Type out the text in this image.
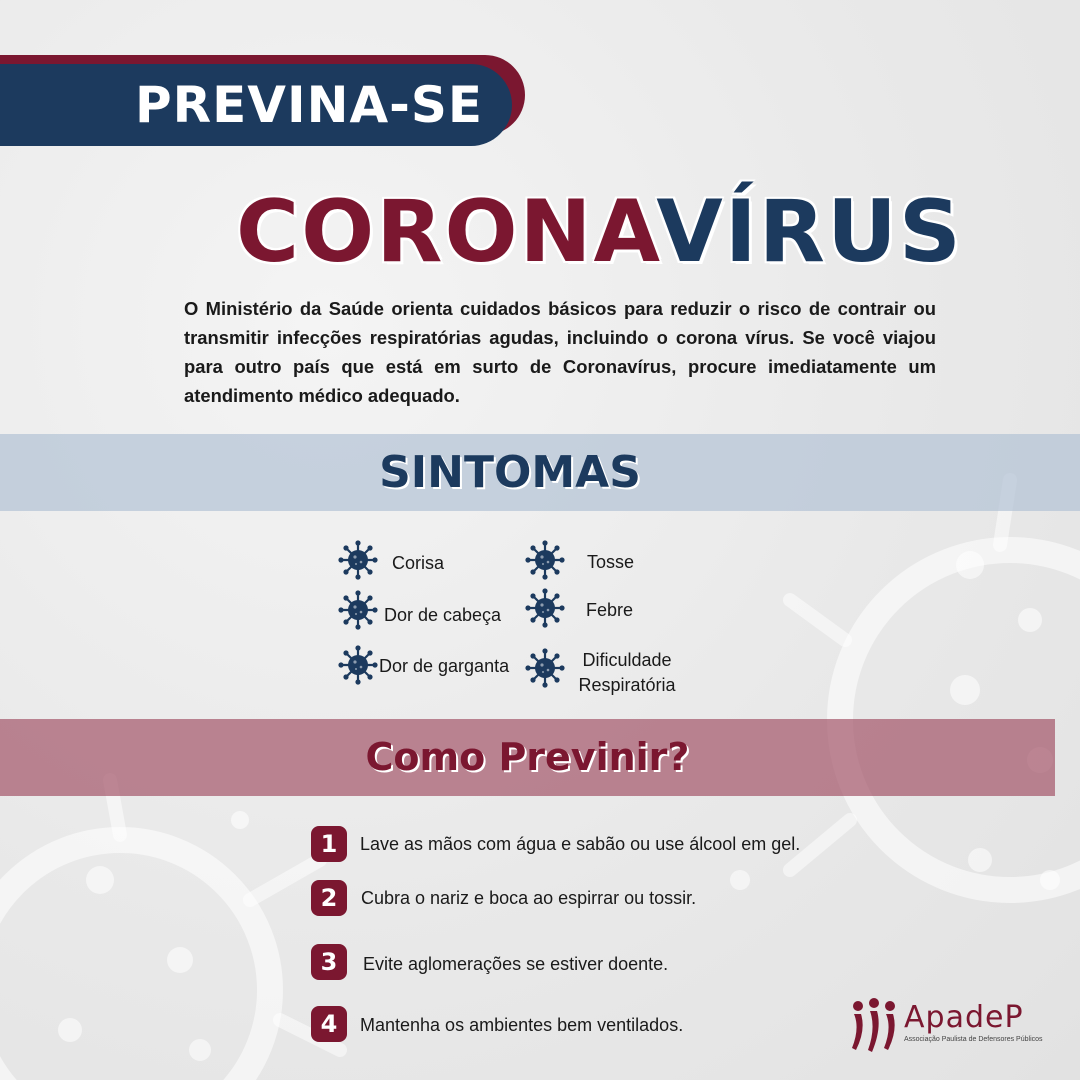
PREVINA-SE
CORONAVÍRUS

O Ministério da Saúde orienta cuidados básicos para reduzir o risco de contrair ou transmitir infecções respiratórias agudas, incluindo o corona vírus. Se você viajou para outro país que está em surto de Coronavírus, procure imediatamente um atendimento médico adequado.

SINTOMAS
Corisa	Tosse
Dor de cabeça	Febre
Dor de garganta	Dificuldade Respiratória
Como Previnir?
1	Lave as mãos com água e sabão ou use álcool em gel.
2	Cubra o nariz e boca ao espirrar ou tossir.
3	Evite aglomerações se estiver doente.
4	Mantenha os ambientes bem ventilados.	ApadeP
Associação Paulista de Defensores Públicos
